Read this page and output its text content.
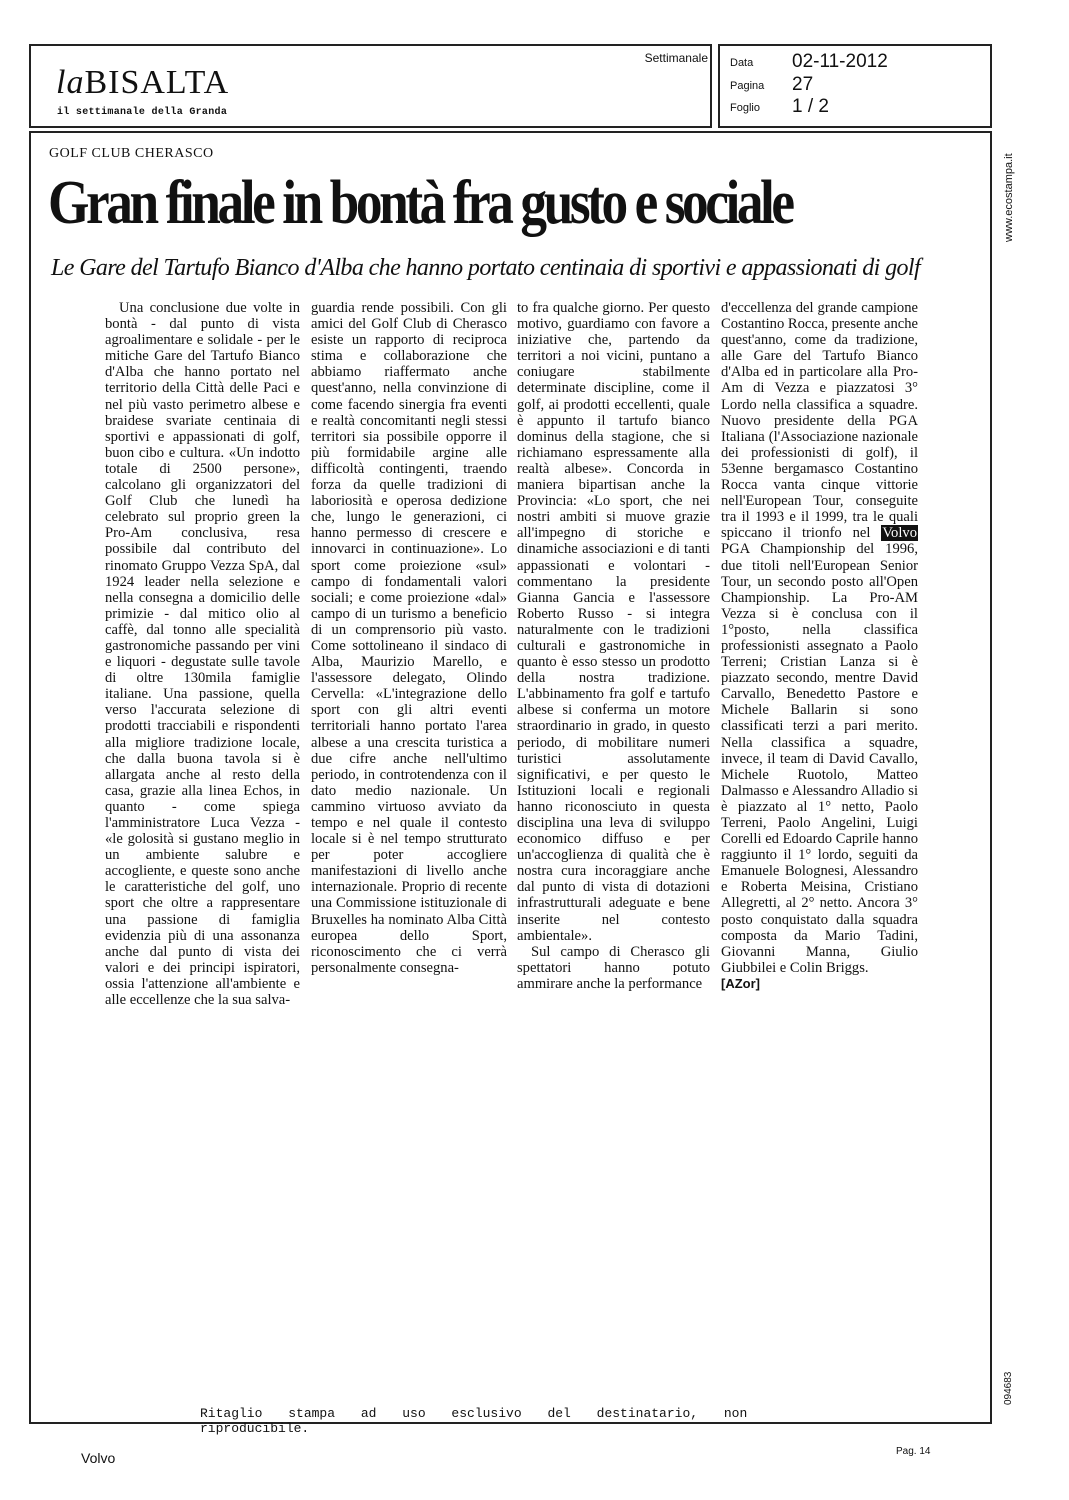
laBISALTA
il settimanale della Granda
Settimanale Data	02-11-2012
Pagina	27
Foglio	1 / 2
www.ecostampa.it
094683
GOLF CLUB CHERASCO
Gran finale in bontà fra gusto e sociale
Le Gare del Tartufo Bianco d'Alba che hanno portato centinaia di sportivi e appassionati di golf
Una conclusione due volte in bontà - dal punto di vista agroalimentare e solidale - per le mitiche Gare del Tartufo Bianco d'Alba che hanno portato nel territorio della Città delle Paci e nel più vasto perimetro albese e braidese svariate centinaia di sportivi e appassionati di golf, buon cibo e cultura. «Un indotto totale di 2500 persone», calcolano gli organizzatori del Golf Club che lunedì ha celebrato sul proprio green la Pro-Am conclusiva, resa possibile dal contributo del rinomato Gruppo Vezza SpA, dal 1924 leader nella selezione e nella consegna a domicilio delle primizie - dal mitico olio al caffè, dal tonno alle specialità gastronomiche passando per vini e liquori - degustate sulle tavole di oltre 130mila famiglie italiane. Una passione, quella verso l'accurata selezione di prodotti tracciabili e rispondenti alla migliore tradizione locale, che dalla buona tavola si è allargata anche al resto della casa, grazie alla linea Echos, in quanto - come spiega l'amministratore Luca Vezza - «le golosità si gustano meglio in un ambiente salubre e accogliente, e queste sono anche le caratteristiche del golf, uno sport che oltre a rappresentare una passione di famiglia evidenzia più di una assonanza anche dal punto di vista dei valori e dei principi ispiratori, ossia l'attenzione all'ambiente e alle eccellenze che la sua salva-
guardia rende possibili. Con gli amici del Golf Club di Cherasco esiste un rapporto di reciproca stima e collaborazione che abbiamo riaffermato anche quest'anno, nella convinzione di come facendo sinergia fra eventi e realtà concomitanti negli stessi territori sia possibile opporre il più formidabile argine alle difficoltà contingenti, traendo forza da quelle tradizioni di laboriosità e operosa dedizione che, lungo le generazioni, ci hanno permesso di crescere e innovarci in continuazione». Lo sport come proiezione «sul» campo di fondamentali valori sociali; e come proiezione «dal» campo di un turismo a beneficio di un comprensorio più vasto. Come sottolineano il sindaco di Alba, Maurizio Marello, e l'assessore delegato, Olindo Cervella: «L'integrazione dello sport con gli altri eventi territoriali hanno portato l'area albese a una crescita turistica a due cifre anche nell'ultimo periodo, in controtendenza con il dato medio nazionale. Un cammino virtuoso avviato da tempo e nel quale il contesto locale si è nel tempo strutturato per poter accogliere manifestazioni di livello anche internazionale. Proprio di recente una Commissione istituzionale di Bruxelles ha nominato Alba Città europea dello Sport, riconoscimento che ci verrà personalmente consegna-

to fra qualche giorno. Per questo motivo, guardiamo con favore a iniziative che, partendo da territori a noi vicini, puntano a coniugare stabilmente determinate discipline, come il golf, ai prodotti eccellenti, quale è appunto il tartufo bianco dominus della stagione, che si richiamano espressamente alla realtà albese». Concorda in maniera bipartisan anche la Provincia: «Lo sport, che nei nostri ambiti si muove grazie all'impegno di storiche e dinamiche associazioni e di tanti appassionati e volontari - commentano la presidente Gianna Gancia e l'assessore Roberto Russo - si integra naturalmente con le tradizioni culturali e gastronomiche in quanto è esso stesso un prodotto della nostra tradizione. L'abbinamento fra golf e tartufo albese si conferma un motore straordinario in grado, in questo periodo, di mobilitare numeri turistici assolutamente significativi, e per questo le Istituzioni locali e regionali hanno riconosciuto in questa disciplina una leva di sviluppo economico diffuso e per un'accoglienza di qualità che è nostra cura incoraggiare anche dal punto di vista di dotazioni infrastrutturali adeguate e bene inserite nel contesto ambientale».

Sul campo di Cherasco gli spettatori hanno potuto ammirare anche la performance

d'eccellenza del grande campione Costantino Rocca, presente anche quest'anno, come da tradizione, alle Gare del Tartufo Bianco d'Alba ed in particolare alla Pro-Am di Vezza e piazzatosi 3° Lordo nella classifica a squadre. Nuovo presidente della PGA Italiana (l'Associazione nazionale dei professionisti di golf), il 53enne bergamasco Costantino Rocca vanta cinque vittorie nell'European Tour, conseguite tra il 1993 e il 1999, tra le quali spiccano il trionfo nel Volvo PGA Championship del 1996, due titoli nell'European Senior Tour, un secondo posto all'Open Championship. La Pro-AM Vezza si è conclusa con il 1°posto, nella classifica professionisti assegnato a Paolo Terreni; Cristian Lanza si è piazzato secondo, mentre David Carvallo, Benedetto Pastore e Michele Ballarin si sono classificati terzi a pari merito. Nella classifica a squadre, invece, il team di David Cavallo, Michele Ruotolo, Matteo Dalmasso e Alessandro Alladio si è piazzato al 1° netto, Paolo Terreni, Paolo Angelini, Luigi Corelli ed Edoardo Caprile hanno raggiunto il 1° lordo, seguiti da Emanuele Bolognesi, Alessandro e Roberta Meisina, Cristiano Allegretti, al 2° netto. Ancora 3° posto conquistato dalla squadra composta da Mario Tadini, Giovanni Manna, Giulio Giubbilei e Colin Briggs.

[AZor]

Ritaglio stampa ad uso esclusivo del destinatario, non riproducibile.
Volvo	Pag. 14
